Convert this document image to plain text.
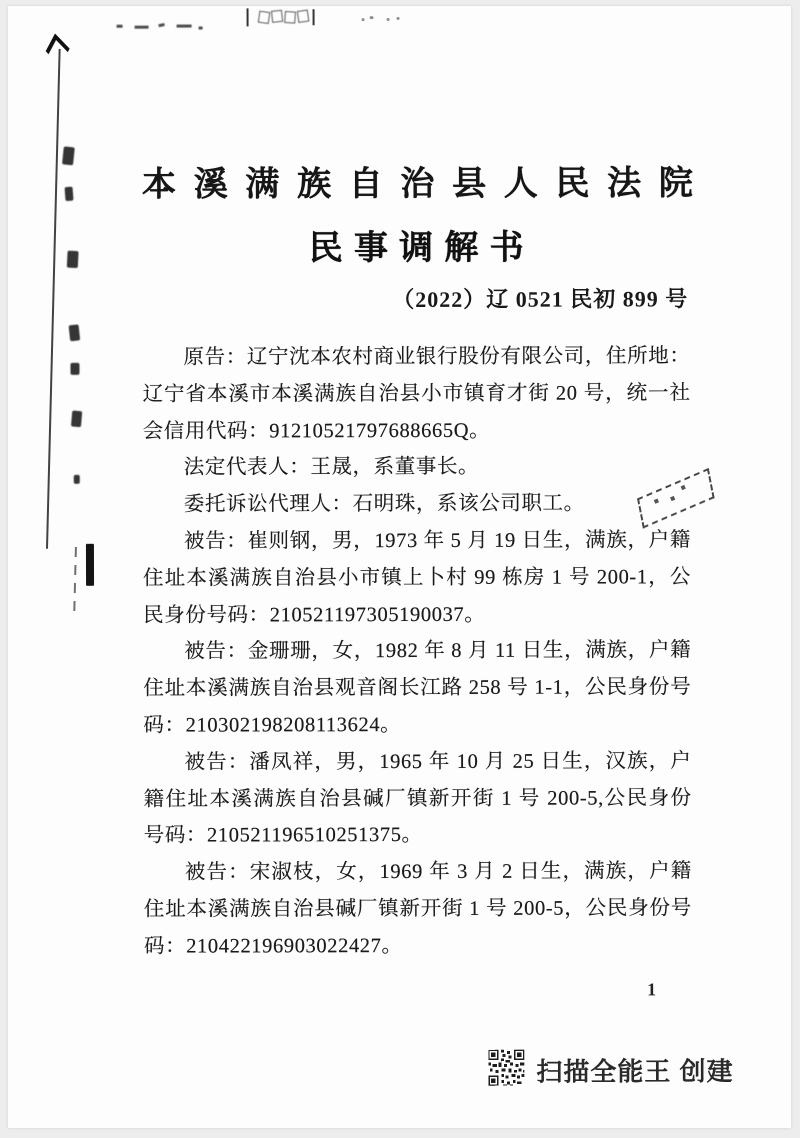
本溪满族自治县人民法院
民事调解书
（2022）辽 0521 民初 899 号

原告：辽宁沈本农村商业银行股份有限公司，住所地：辽宁省本溪市本溪满族自治县小市镇育才街 20 号，统一社会信用代码：91210521797688665Q。

法定代表人：王晟，系董事长。

委托诉讼代理人：石明珠，系该公司职工。

被告：崔则钢，男，1973 年 5 月 19 日生，满族，户籍住址本溪满族自治县小市镇上卜村 99 栋房 1 号 200-1，公民身份号码：210521197305190037。

被告：金珊珊，女，1982 年 8 月 11 日生，满族，户籍住址本溪满族自治县观音阁长江路 258 号 1-1，公民身份号码：210302198208113624。

被告：潘凤祥，男，1965 年 10 月 25 日生，汉族，户籍住址本溪满族自治县碱厂镇新开街 1 号 200-5,公民身份号码：210521196510251375。

被告：宋淑枝，女，1969 年 3 月 2 日生，满族，户籍住址本溪满族自治县碱厂镇新开街 1 号 200-5，公民身份号码：210422196903022427。

1
扫描全能王 创建
